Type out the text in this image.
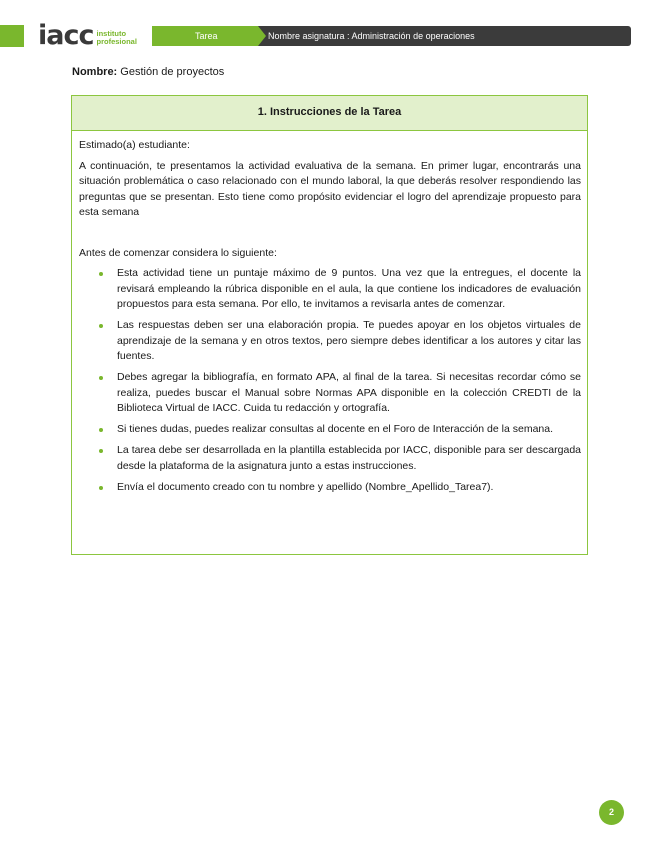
iacc instituto
profesional
Tarea	Nombre asignatura : Administración de operaciones
Nombre: Gestión de proyectos
1. Instrucciones de la Tarea

Estimado(a) estudiante:

A continuación, te presentamos la actividad evaluativa de la semana. En primer lugar, encontrarás una situación problemática o caso relacionado con el mundo laboral, la que deberás resolver respondiendo las preguntas que se presentan. Esto tiene como propósito evidenciar el logro del aprendizaje propuesto para esta semana

Antes de comenzar considera lo siguiente:

Esta actividad tiene un puntaje máximo de 9 puntos. Una vez que la entregues, el docente la revisará empleando la rúbrica disponible en el aula, la que contiene los indicadores de evaluación propuestos para esta semana. Por ello, te invitamos a revisarla antes de comenzar.
Las respuestas deben ser una elaboración propia. Te puedes apoyar en los objetos virtuales de aprendizaje de la semana y en otros textos, pero siempre debes identificar a los autores y citar las fuentes.
Debes agregar la bibliografía, en formato APA, al final de la tarea. Si necesitas recordar cómo se realiza, puedes buscar el Manual sobre Normas APA disponible en la colección CREDTI de la Biblioteca Virtual de IACC. Cuida tu redacción y ortografía.
Si tienes dudas, puedes realizar consultas al docente en el Foro de Interacción de la semana.
La tarea debe ser desarrollada en la plantilla establecida por IACC, disponible para ser descargada desde la plataforma de la asignatura junto a estas instrucciones.
Envía el documento creado con tu nombre y apellido (Nombre_Apellido_Tarea7).
2
